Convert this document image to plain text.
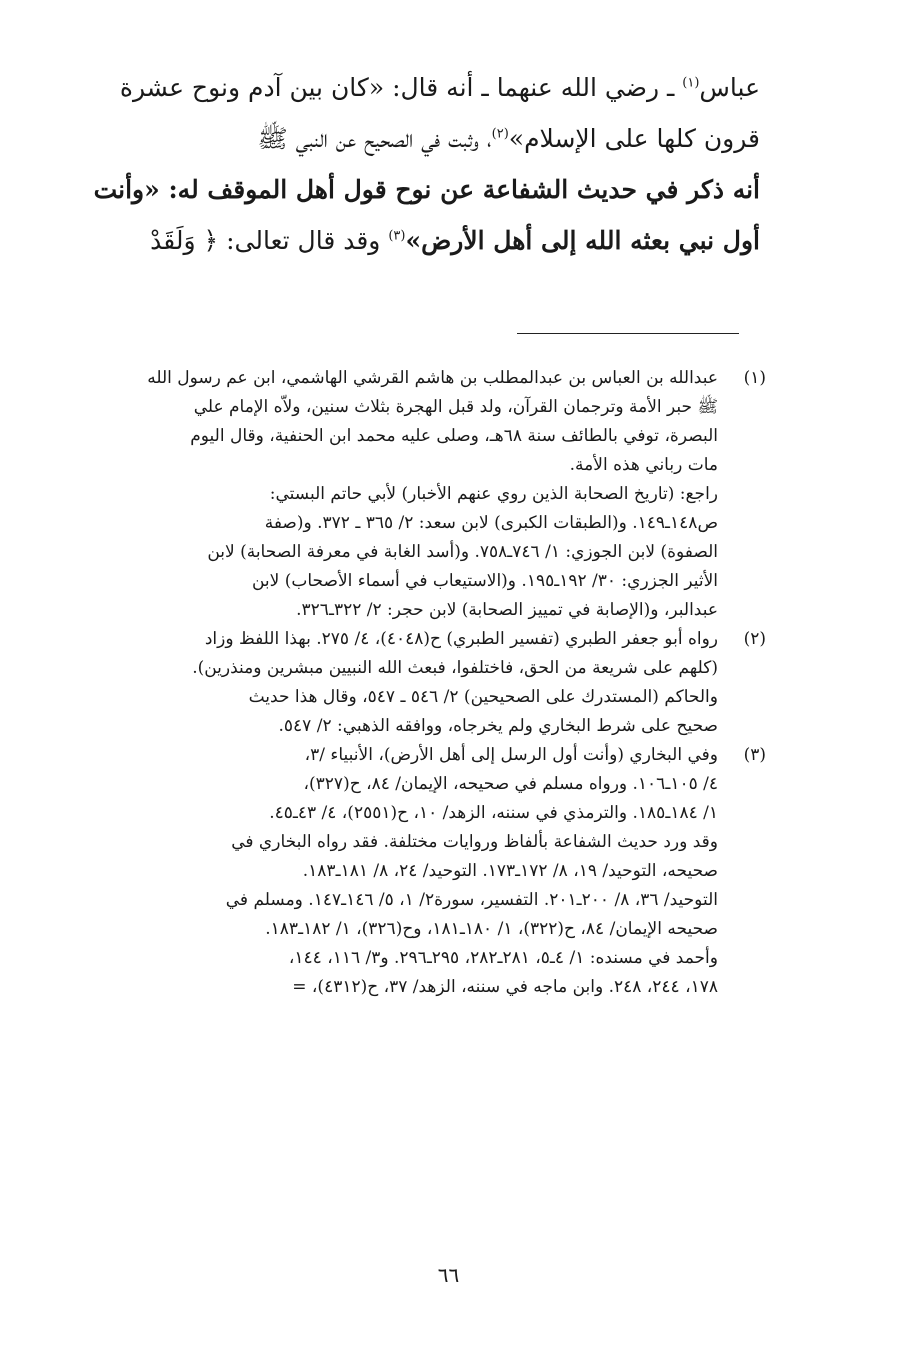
عباس$^{(١)}$ ـ رضي الله عنهما ـ أنه قال: «كان بين آدم ونوح عشرة
قرون كلها على الإسلام»$^{(٢)}$، وثبت في الصحيح عن النبي ﷺ
أنه ذكر في حديث الشفاعة عن نوح قول أهل الموقف له: «وأنت
أول نبي بعثه الله إلى أهل الأرض»$^{(٣)}$ وقد قال تعالى: ﴿ وَلَقَدْ
(١)
عبدالله بن العباس بن عبدالمطلب بن هاشم القرشي الهاشمي، ابن عم رسول الله
ﷺ حبر الأمة وترجمان القرآن، ولد قبل الهجرة بثلاث سنين، ولاّه الإمام علي
البصرة، توفي بالطائف سنة ٦٨هـ، وصلى عليه محمد ابن الحنفية، وقال اليوم
مات رباني هذه الأمة.
راجع: (تاريخ الصحابة الذين روي عنهم الأخبار) لأبي حاتم البستي:
ص١٤٨ـ١٤٩. و(الطبقات الكبرى) لابن سعد: ٢/ ٣٦٥ ـ ٣٧٢. و(صفة
الصفوة) لابن الجوزي: ١/ ٧٤٦ـ٧٥٨. و(أسد الغابة في معرفة الصحابة) لابن
الأثير الجزري: ٣٠/ ١٩٢ـ١٩٥. و(الاستيعاب في أسماء الأصحاب) لابن
عبدالبر، و(الإصابة في تمييز الصحابة) لابن حجر: ٢/ ٣٢٢ـ٣٢٦.
(٢)
رواه أبو جعفر الطبري (تفسير الطبري) ح(٤٠٤٨)، ٤/ ٢٧٥. بهذا اللفظ وزاد
(كلهم على شريعة من الحق، فاختلفوا، فبعث الله النبيين مبشرين ومنذرين).
والحاكم (المستدرك على الصحيحين) ٢/ ٥٤٦ ـ ٥٤٧، وقال هذا حديث
صحيح على شرط البخاري ولم يخرجاه، ووافقه الذهبي: ٢/ ٥٤٧.
(٣)
وفي البخاري (وأنت أول الرسل إلى أهل الأرض)، الأنبياء /٣،
٤/ ١٠٥ـ١٠٦. ورواه مسلم في صحيحه، الإيمان/ ٨٤، ح(٣٢٧)،
١/ ١٨٤ـ١٨٥. والترمذي في سننه، الزهد/ ١٠، ح(٢٥٥١)، ٤/ ٤٣ـ٤٥.
وقد ورد حديث الشفاعة بألفاظ وروايات مختلفة. فقد رواه البخاري في
صحيحه، التوحيد/ ١٩، ٨/ ١٧٢ـ١٧٣. التوحيد/ ٢٤، ٨/ ١٨١ـ١٨٣.
التوحيد/ ٣٦، ٨/ ٢٠٠ـ٢٠١. التفسير، سورة٢/ ١، ٥/ ١٤٦ـ١٤٧. ومسلم في
صحيحه الإيمان/ ٨٤، ح(٣٢٢)، ١/ ١٨٠ـ١٨١، وح(٣٢٦)، ١/ ١٨٢ـ١٨٣.
وأحمد في مسنده: ١/ ٤ـ٥، ٢٨١ـ٢٨٢، ٢٩٥ـ٢٩٦. و٣/ ١١٦، ١٤٤،
١٧٨، ٢٤٤، ٢٤٨. وابن ماجه في سننه، الزهد/ ٣٧، ح(٤٣١٢)، =
٦٦
